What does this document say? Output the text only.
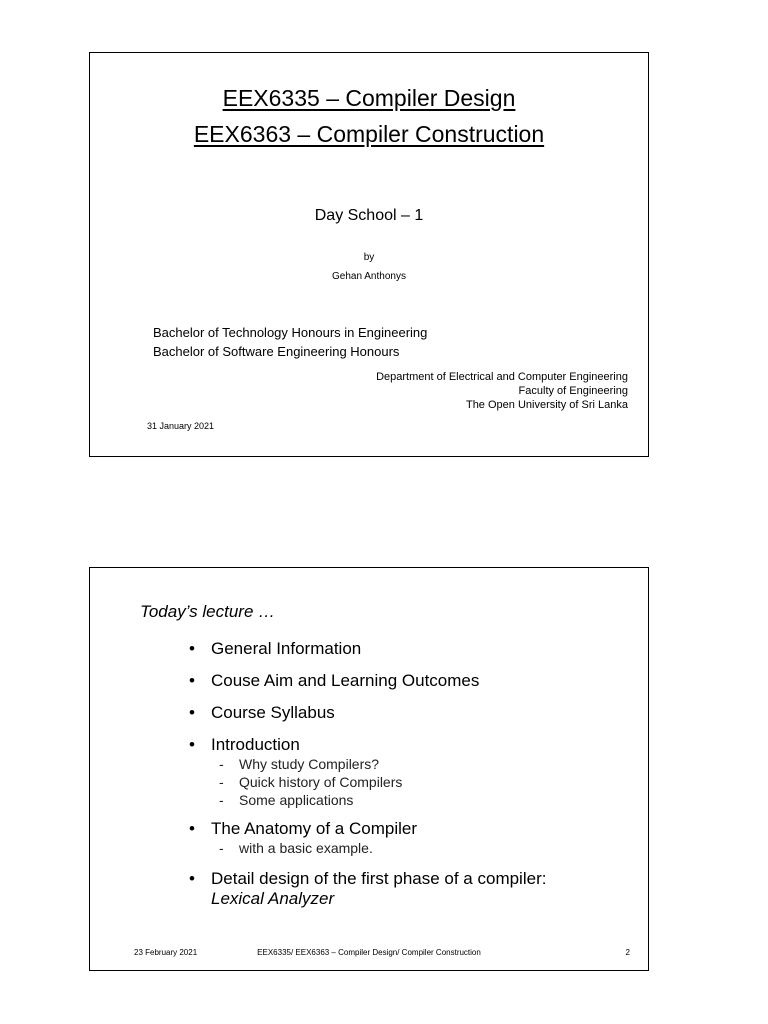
EEX6335 – Compiler Design
EEX6363 – Compiler Construction
Day School – 1
by
Gehan Anthonys
Bachelor of Technology Honours in Engineering
Bachelor of Software Engineering Honours
Department of Electrical and Computer Engineering
Faculty of Engineering
The Open University of Sri Lanka
31 January 2021
Today’s lecture …
• General Information
• Couse Aim and Learning Outcomes
• Course Syllabus
• Introduction
- Why study Compilers?
- Quick history of Compilers
- Some applications
• The Anatomy of a Compiler
- with a basic example.
• Detail design of the first phase of a compiler:
Lexical Analyzer
23 February 2021	EEX6335/ EEX6363 – Compiler Design/ Compiler Construction	2
